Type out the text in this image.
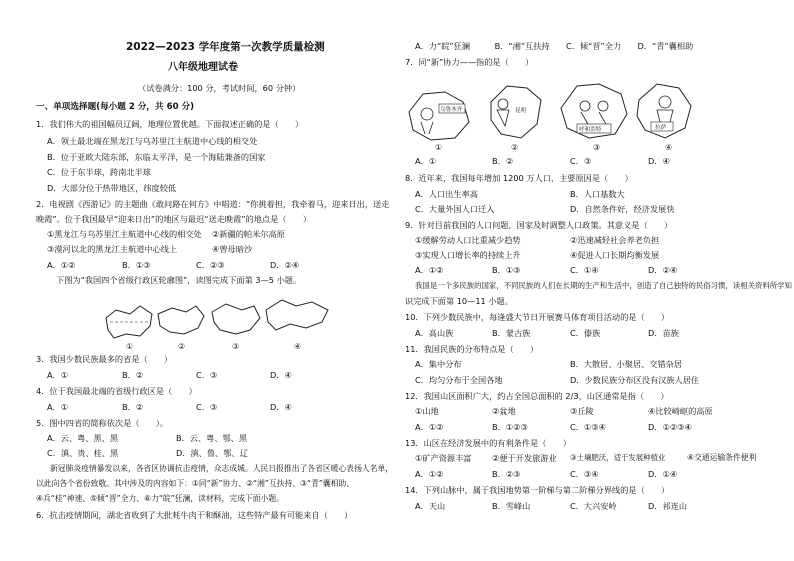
2022—2023 学年度第一次教学质量检测
八年级地理试卷
（试卷满分：100 分，考试时间，60 分钟）
一、单项选择题(每小题 2 分，共 60 分)
1．我们伟大的祖国幅员辽阔，地理位置优越。下面叙述正确的是（　　）
A．领土最北端在黑龙江与乌苏里江主航道中心线的相交处
B．位于亚欧大陆东部，东临太平洋，是一个海陆兼备的国家
C．位于东半球，跨南北半球
D．大部分位于热带地区，纬度较低
2．电视剧《西游记》的主题曲《敢问路在何方》中唱道：“你挑着担，我牵着马，迎来日出，送走
晚霞”。位于我国最早“迎来日出”的地区与最迟“送走晚霞”的地点是（　　）
①黑龙江与乌苏里江主航道中心线的相交处 ②新疆的帕米尔高原
③漠河以北的黑龙江主航道中心线上	④曾母暗沙
A．①②	B．①③	C．②③	D．②④
下图为“我国四个省级行政区轮廓图”，读图完成下面第 3—5 小题。
①	②	③	④
3．我国少数民族最多的省是（　　）
A．①	B．②	C．③	D．④
4．位于我国最北端的省级行政区是（　　）
A．①	B．②	C．③	D．④
5．图中四省的简称依次是（　　）。
A．云、粤、黑、黑	B．云、粤、鄂、黑
C．滇、贵、桂、黑	D．滇、鲁、鄂、辽
新冠肺炎疫情暴发以来，各省区协调抗击疫情，众志成城。人民日报推出了各省区暖心表扬人名单，
以此向各个省份致敬。其中涉及的内容如下：①同“新”协力、②“湘”互扶持、③“青”囊相助、
④兵“桂”神速、⑤倾“晋”全力、⑥力“皖”狂澜，读材料，完成下面小题。
6．抗击疫情期间，湖北省收到了大批耗牛肉干和酥油，这些特产最有可能来自（　　）
A．力“皖”狂澜　　　B．“湘”互扶持　　C．倾“晋”全力　　D．“青”囊相助
7．同“新”协力——指的是（　　）
乌鲁木齐
①
昆明
②
呼和浩特
③
拉萨
④
A．①	B．②	C．③	D．④
8．近年来，我国每年增加 1200 万人口，主要原因是（　　）
A．人口出生率高	B．人口基数大
C．大量外国人口迁入	D．自然条件好，经济发展快
9．针对目前我国的人口问题，国家及时调整人口政策。其意义是（　　）
①缓解劳动人口比重减少趋势	②迅速减轻社会养老负担
③实现人口增长率的持续上升	④促进人口长期均衡发展
A．①②	B．①③	C．①④	D．②④
我国是一个多民族的国家，不同民族的人们在长期的生产和生活中，创造了自己独特的民俗习惯，读相关资料所学知
识完成下面第 10—11 小题。
10．下列少数民族中，每逢盛大节日开展赛马体育项目活动的是（　　）
A．高山族	B．蒙古族	C．傣族	D．苗族
11．我国民族的分布特点是（　　）
A．集中分布	B．大散居、小聚居、交错杂居
C．均匀分布于全国各地	D．少数民族分布区没有汉族人居住
12．我国山区面积广大，约占全国总面积的 2/3，山区通常是指（　　）
①山地	②盆地	③丘陵	④比较崎岖的高原
A．①②	B．①②③	C．①③④	D．①②③④
13．山区在经济发展中的有利条件是（　　）
①矿产资源丰富	②便于开发旅游业 ③土壤肥沃，适于发展种植业	④交通运输条件便利
A．①②	B．②③	C．③④	D．①④
14．下列山脉中，属于我国地势第一阶梯与第二阶梯分界线的是（　　）
A．天山	B．雪峰山	C．大兴安岭	D．祁连山
